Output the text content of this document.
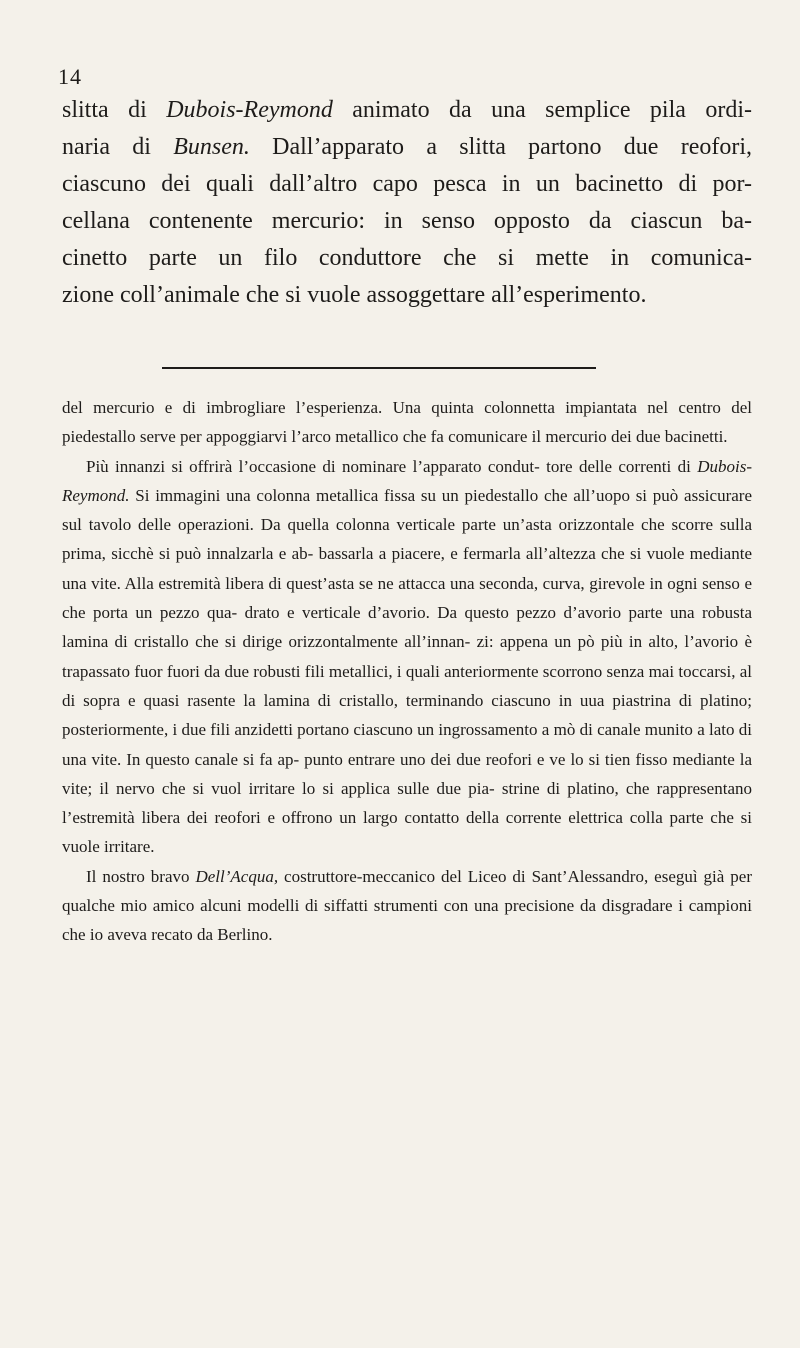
14

slitta di Dubois-Reymond animato da una semplice pila ordi-

naria di Bunsen. Dall’apparato a slitta partono due reofori,

ciascuno dei quali dall’altro capo pesca in un bacinetto di por-

cellana contenente mercurio: in senso opposto da ciascun ba-

cinetto parte un filo conduttore che si mette in comunica-

zione coll’animale che si vuole assoggettare all’esperimento.

del mercurio e di imbrogliare l’esperienza. Una quinta colonnetta impiantata nel centro del piedestallo serve per appoggiarvi l’arco metallico che fa comunicare il mercurio dei due bacinetti.

Più innanzi si offrirà l’occasione di nominare l’apparato condut- tore delle correnti di Dubois-Reymond. Si immagini una colonna metallica fissa su un piedestallo che all’uopo si può assicurare sul tavolo delle operazioni. Da quella colonna verticale parte un’asta orizzontale che scorre sulla prima, sicchè si può innalzarla e ab- bassarla a piacere, e fermarla all’altezza che si vuole mediante una vite. Alla estremità libera di quest’asta se ne attacca una seconda, curva, girevole in ogni senso e che porta un pezzo qua- drato e verticale d’avorio. Da questo pezzo d’avorio parte una robusta lamina di cristallo che si dirige orizzontalmente all’innan- zi: appena un pò più in alto, l’avorio è trapassato fuor fuori da due robusti fili metallici, i quali anteriormente scorrono senza mai toccarsi, al di sopra e quasi rasente la lamina di cristallo, terminando ciascuno in uua piastrina di platino; posteriormente, i due fili anzidetti portano ciascuno un ingrossamento a mò di canale munito a lato di una vite. In questo canale si fa ap- punto entrare uno dei due reofori e ve lo si tien fisso mediante la vite; il nervo che si vuol irritare lo si applica sulle due pia- strine di platino, che rappresentano l’estremità libera dei reofori e offrono un largo contatto della corrente elettrica colla parte che si vuole irritare.

Il nostro bravo Dell’Acqua, costruttore-meccanico del Liceo di Sant’Alessandro, eseguì già per qualche mio amico alcuni modelli di siffatti strumenti con una precisione da disgradare i campioni che io aveva recato da Berlino.
